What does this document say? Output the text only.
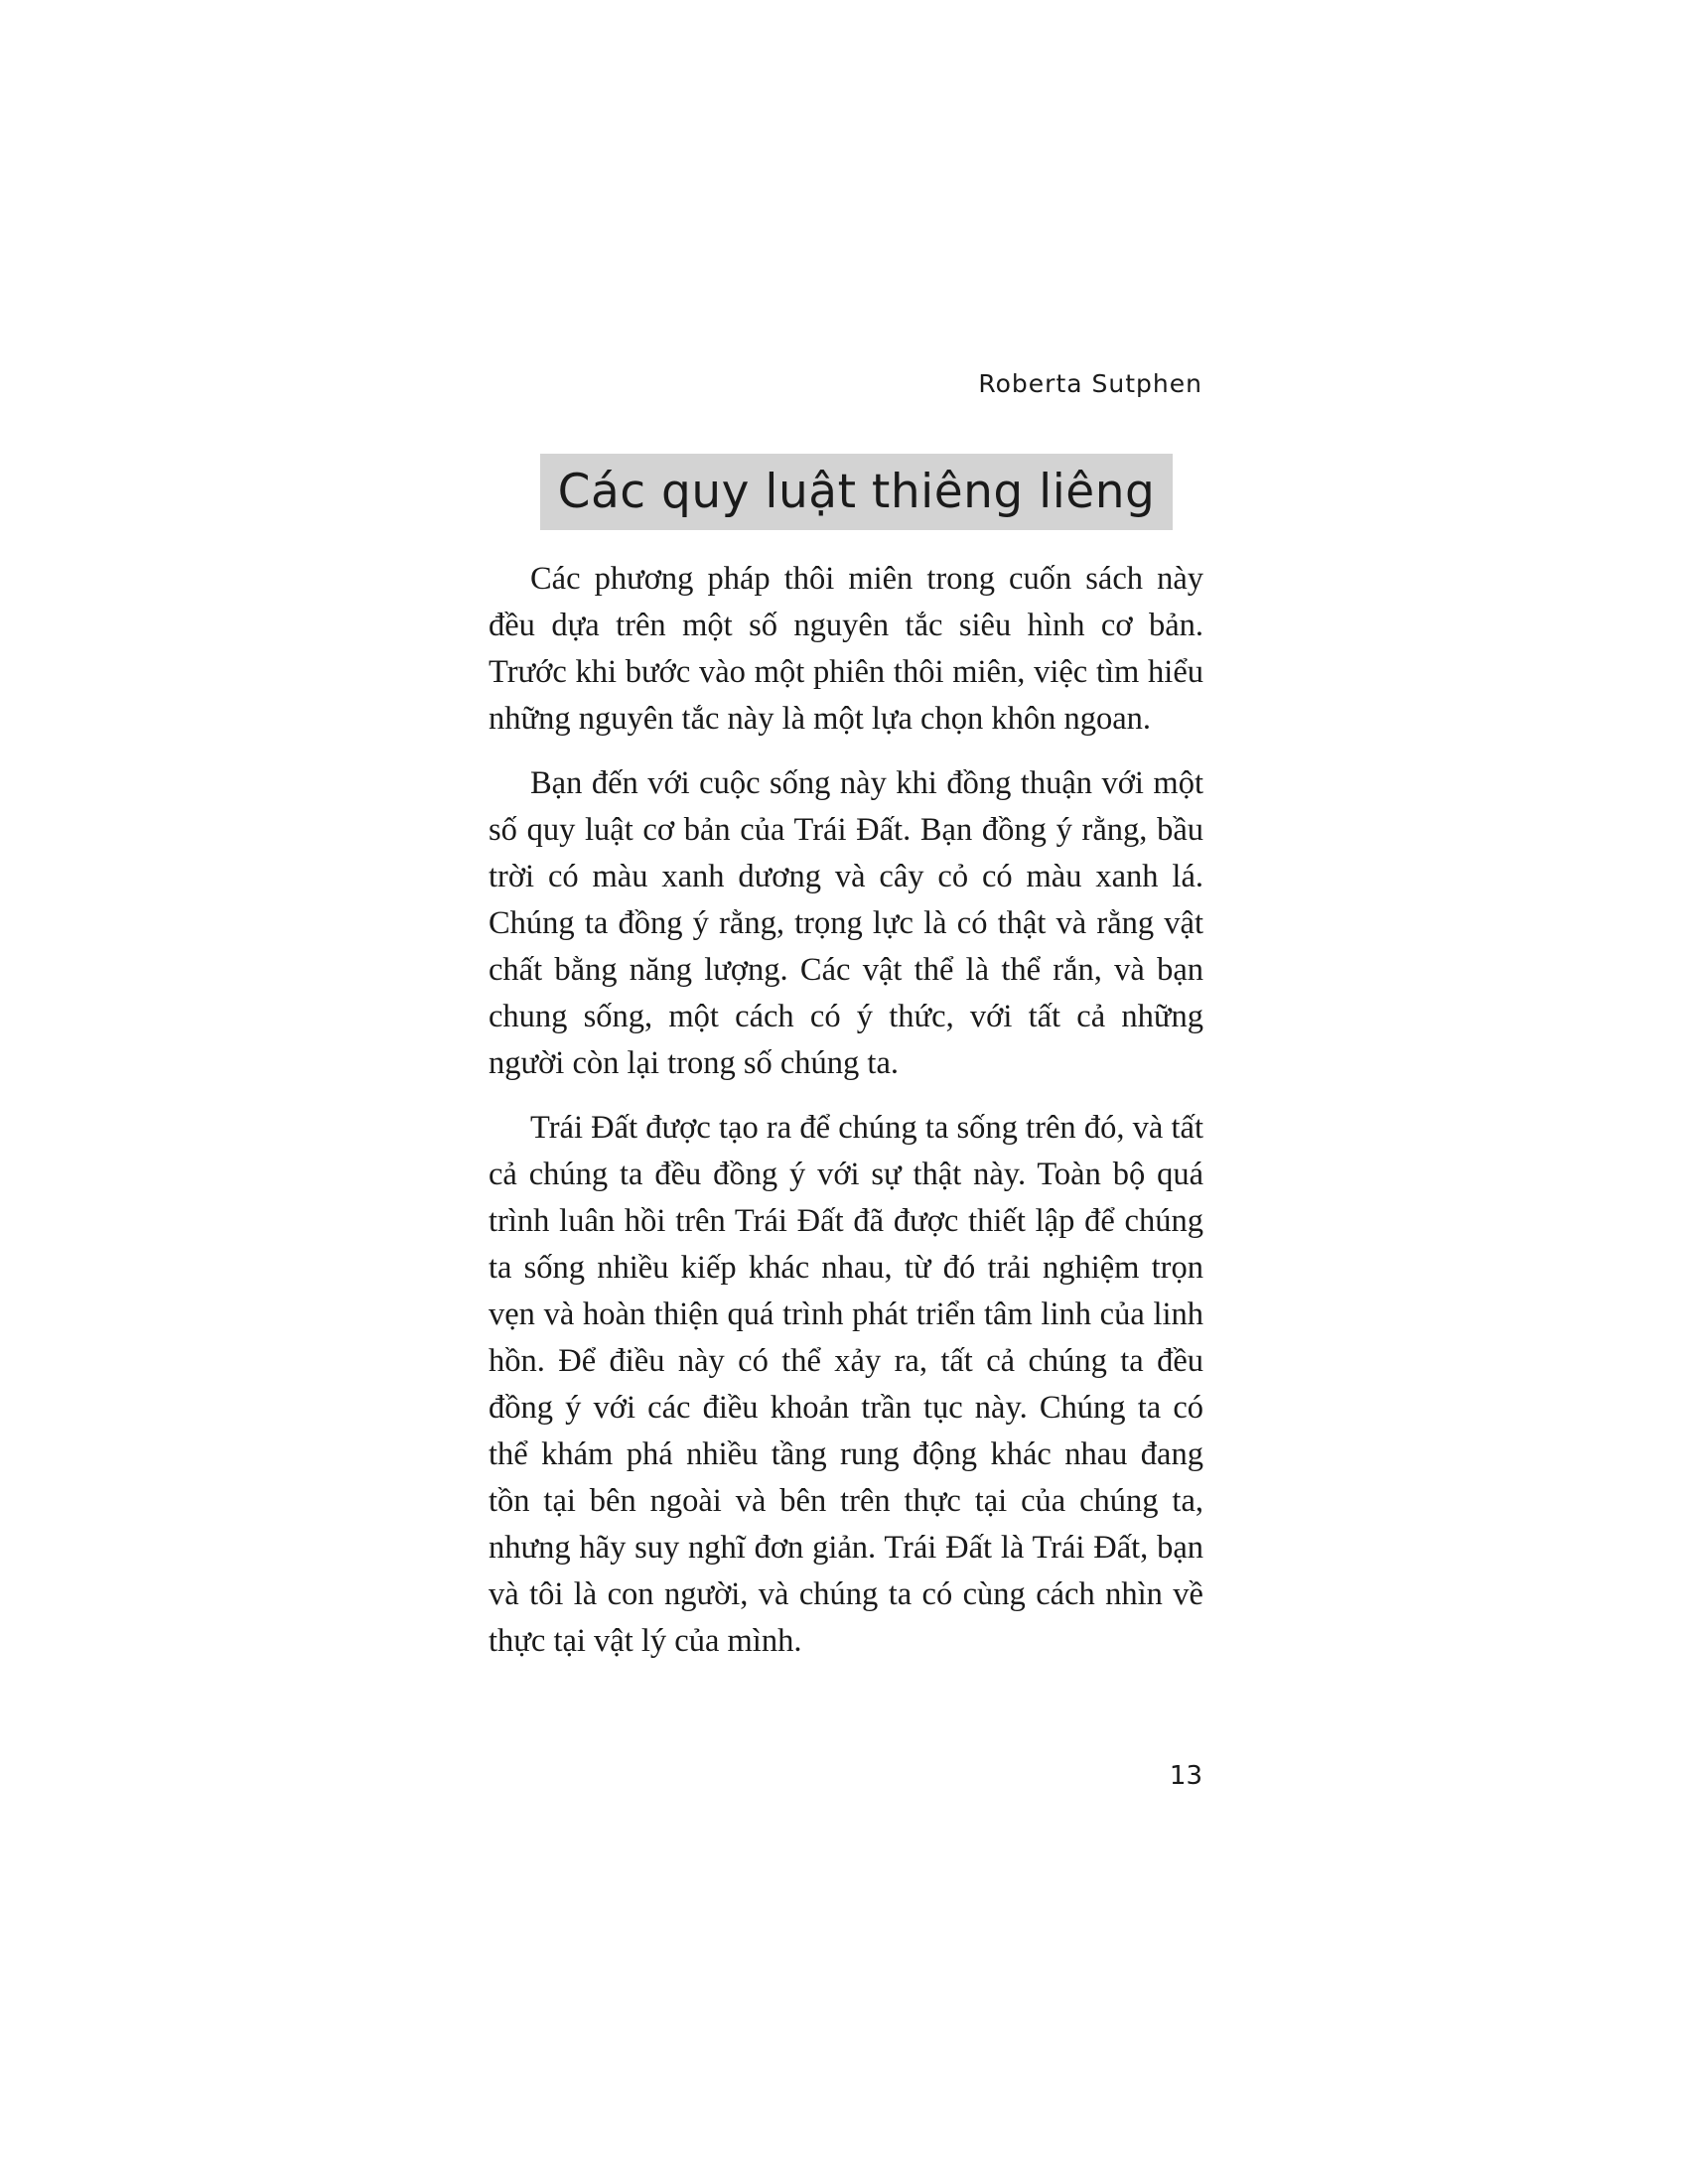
Roberta Sutphen
Các quy luật thiêng liêng

Các phương pháp thôi miên trong cuốn sách này đều dựa trên một số nguyên tắc siêu hình cơ bản. Trước khi bước vào một phiên thôi miên, việc tìm hiểu những nguyên tắc này là một lựa chọn khôn ngoan.

Bạn đến với cuộc sống này khi đồng thuận với một số quy luật cơ bản của Trái Đất. Bạn đồng ý rằng, bầu trời có màu xanh dương và cây cỏ có màu xanh lá. Chúng ta đồng ý rằng, trọng lực là có thật và rằng vật chất bằng năng lượng. Các vật thể là thể rắn, và bạn chung sống, một cách có ý thức, với tất cả những người còn lại trong số chúng ta.

Trái Đất được tạo ra để chúng ta sống trên đó, và tất cả chúng ta đều đồng ý với sự thật này. Toàn bộ quá trình luân hồi trên Trái Đất đã được thiết lập để chúng ta sống nhiều kiếp khác nhau, từ đó trải nghiệm trọn vẹn và hoàn thiện quá trình phát triển tâm linh của linh hồn. Để điều này có thể xảy ra, tất cả chúng ta đều đồng ý với các điều khoản trần tục này. Chúng ta có thể khám phá nhiều tầng rung động khác nhau đang tồn tại bên ngoài và bên trên thực tại của chúng ta, nhưng hãy suy nghĩ đơn giản. Trái Đất là Trái Đất, bạn và tôi là con người, và chúng ta có cùng cách nhìn về thực tại vật lý của mình.

13
